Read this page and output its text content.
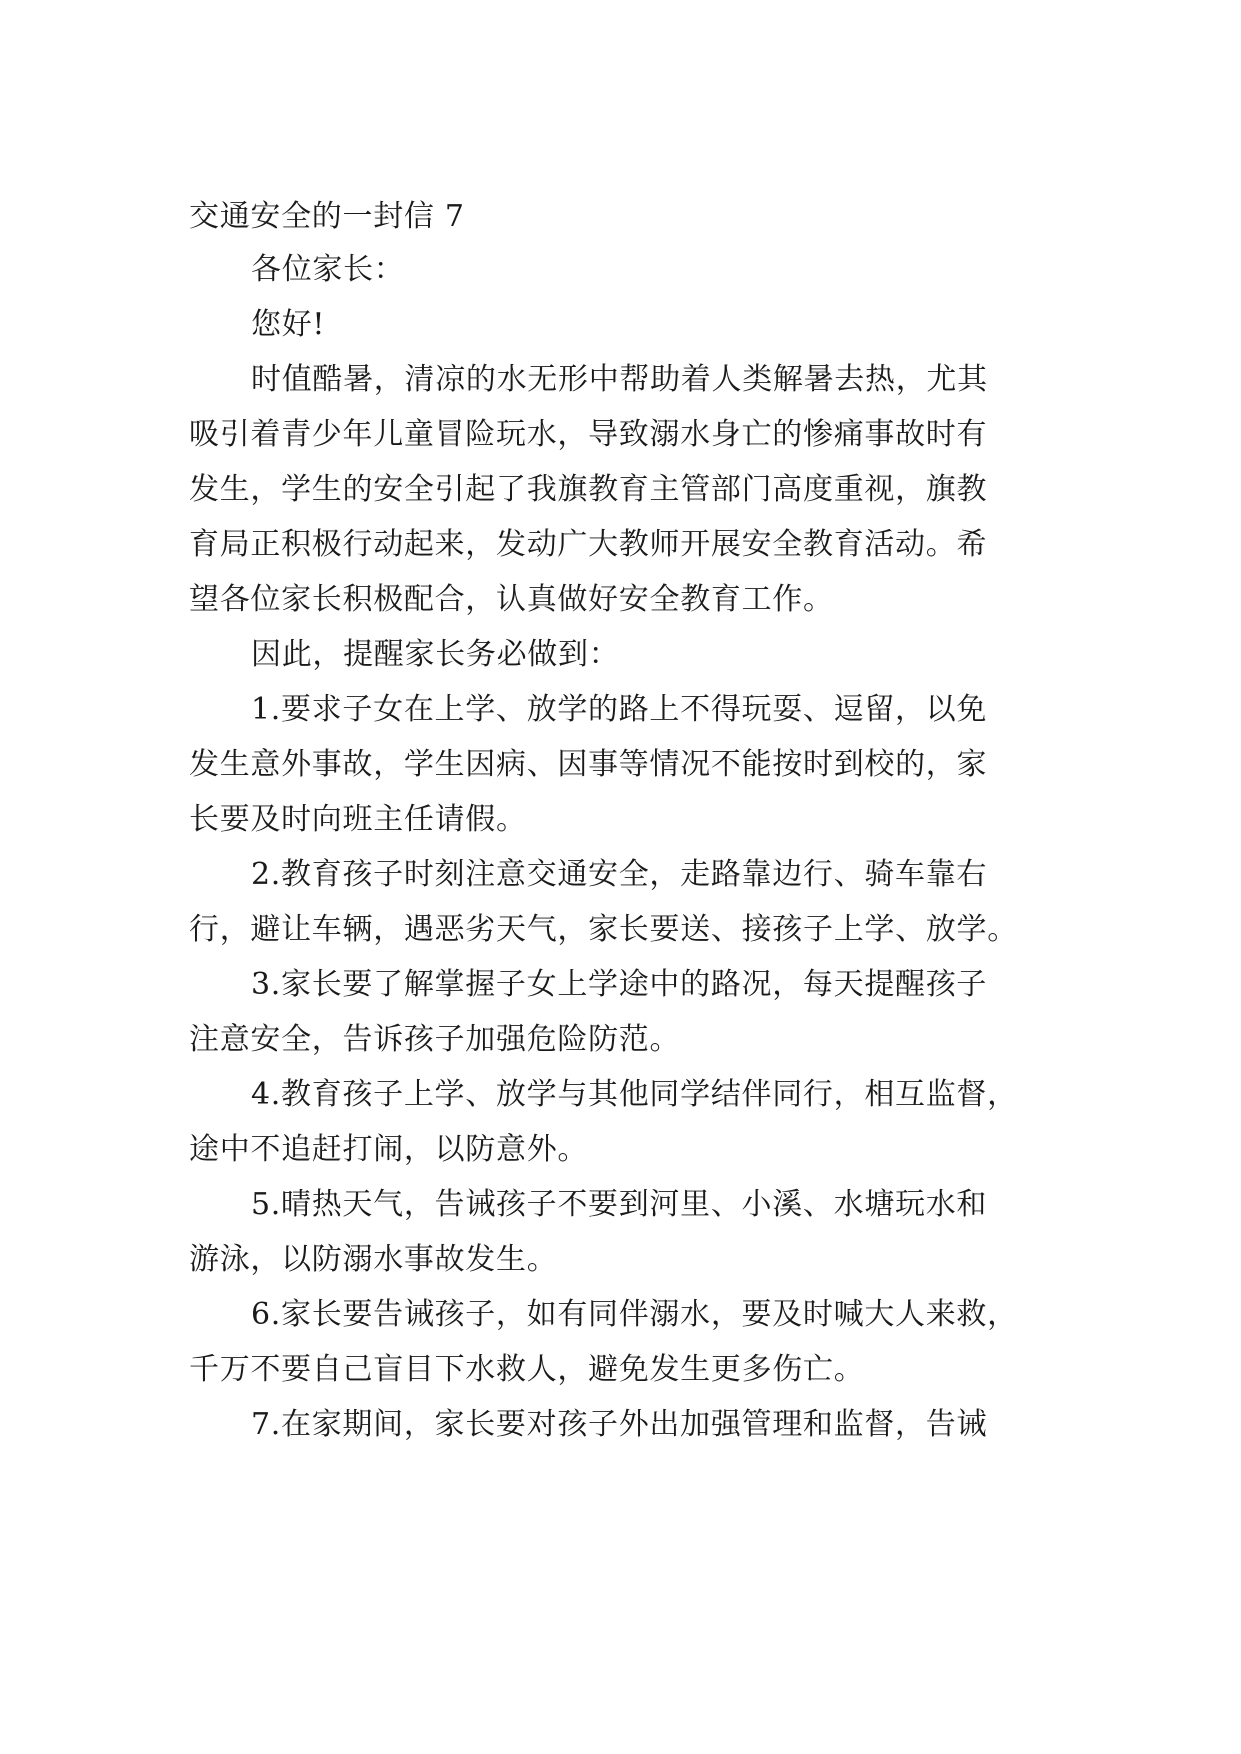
交通安全的一封信 7
各位家长：
您好!
时值酷暑，清凉的水无形中帮助着人类解暑去热，尤其
吸引着青少年儿童冒险玩水，导致溺水身亡的惨痛事故时有
发生，学生的安全引起了我旗教育主管部门高度重视，旗教
育局正积极行动起来，发动广大教师开展安全教育活动。希
望各位家长积极配合，认真做好安全教育工作。
因此，提醒家长务必做到：
1.要求子女在上学、放学的路上不得玩耍、逗留，以免
发生意外事故，学生因病、因事等情况不能按时到校的，家
长要及时向班主任请假。
2.教育孩子时刻注意交通安全，走路靠边行、骑车靠右
行，避让车辆，遇恶劣天气，家长要送、接孩子上学、放学。
3.家长要了解掌握子女上学途中的路况，每天提醒孩子
注意安全，告诉孩子加强危险防范。
4.教育孩子上学、放学与其他同学结伴同行，相互监督，
途中不追赶打闹，以防意外。
5.晴热天气，告诫孩子不要到河里、小溪、水塘玩水和
游泳，以防溺水事故发生。
6.家长要告诫孩子，如有同伴溺水，要及时喊大人来救，
千万不要自己盲目下水救人，避免发生更多伤亡。
7.在家期间，家长要对孩子外出加强管理和监督，告诫
